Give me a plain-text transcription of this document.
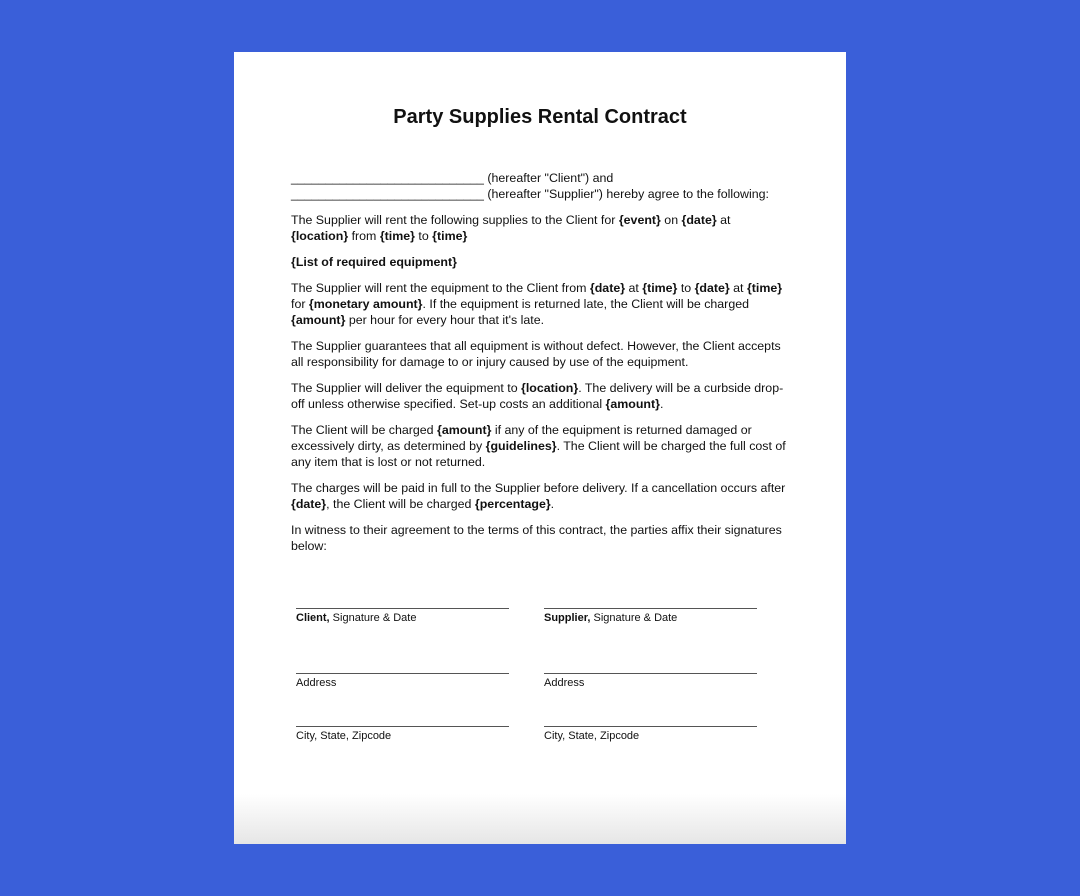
Party Supplies Rental Contract

____________________________ (hereafter "Client") and ____________________________ (hereafter "Supplier") hereby agree to the following:

The Supplier will rent the following supplies to the Client for {event} on {date} at {location} from {time} to {time}

{List of required equipment}

The Supplier will rent the equipment to the Client from {date} at {time} to {date} at {time} for {monetary amount}. If the equipment is returned late, the Client will be charged {amount} per hour for every hour that it's late.

The Supplier guarantees that all equipment is without defect. However, the Client accepts all responsibility for damage to or injury caused by use of the equipment.

The Supplier will deliver the equipment to {location}. The delivery will be a curbside drop-off unless otherwise specified. Set-up costs an additional {amount}.

The Client will be charged {amount} if any of the equipment is returned damaged or excessively dirty, as determined by {guidelines}. The Client will be charged the full cost of any item that is lost or not returned.

The charges will be paid in full to the Supplier before delivery. If a cancellation occurs after {date}, the Client will be charged {percentage}.

In witness to their agreement to the terms of this contract, the parties affix their signatures below:

Client, Signature & Date	Supplier, Signature & Date
Address	Address
City, State, Zipcode	City, State, Zipcode
